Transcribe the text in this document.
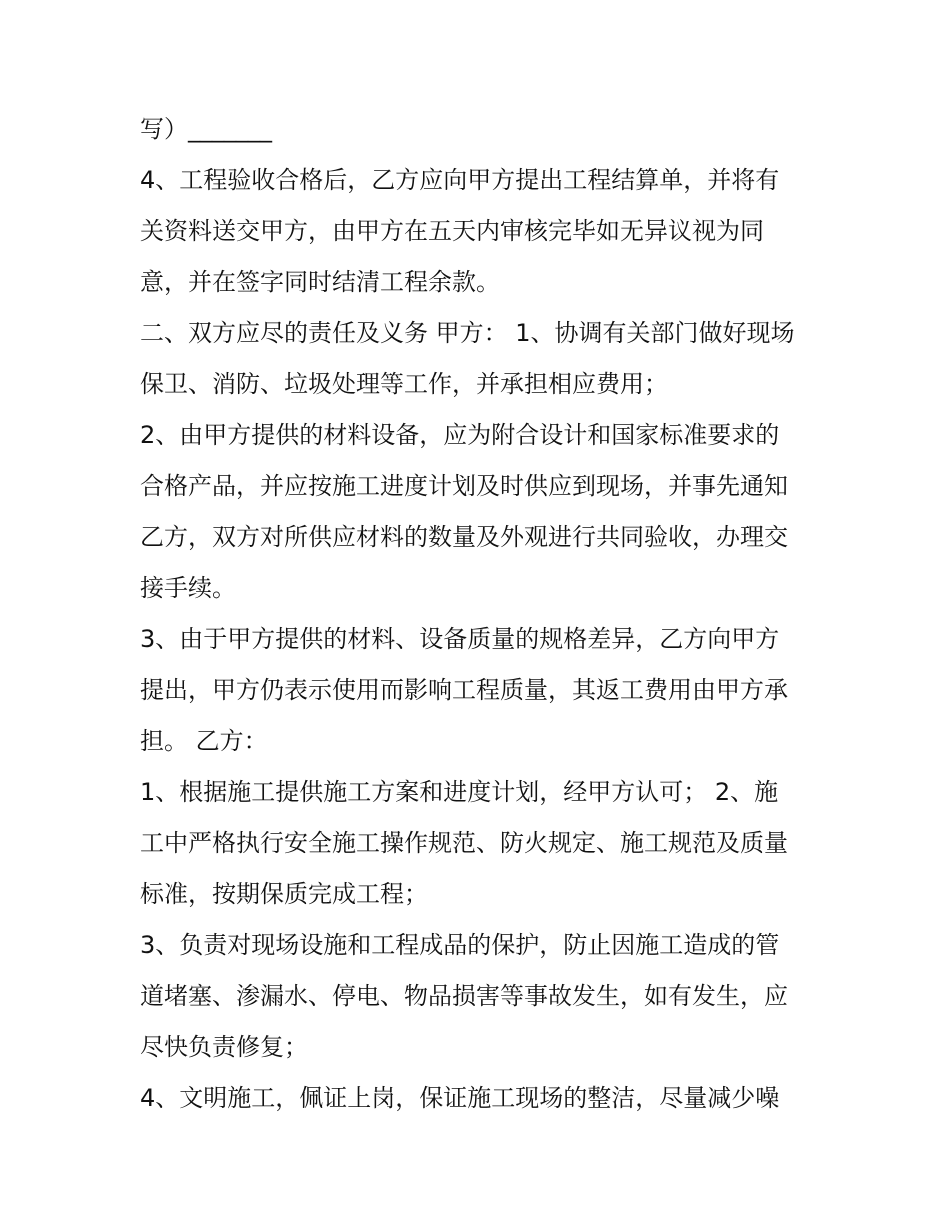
写）_______
4、工程验收合格后，乙方应向甲方提出工程结算单，并将有
关资料送交甲方，由甲方在五天内审核完毕如无异议视为同
意，并在签字同时结清工程余款。
二、双方应尽的责任及义务 甲方： 1、协调有关部门做好现场
保卫、消防、垃圾处理等工作，并承担相应费用；
2、由甲方提供的材料设备，应为附合设计和国家标准要求的
合格产品，并应按施工进度计划及时供应到现场，并事先通知
乙方，双方对所供应材料的数量及外观进行共同验收，办理交
接手续。
3、由于甲方提供的材料、设备质量的规格差异，乙方向甲方
提出，甲方仍表示使用而影响工程质量，其返工费用由甲方承
担。 乙方：
1、根据施工提供施工方案和进度计划，经甲方认可； 2、施
工中严格执行安全施工操作规范、防火规定、施工规范及质量
标准，按期保质完成工程；
3、负责对现场设施和工程成品的保护，防止因施工造成的管
道堵塞、渗漏水、停电、物品损害等事故发生，如有发生，应
尽快负责修复；
4、文明施工，佩证上岗，保证施工现场的整洁，尽量减少噪
